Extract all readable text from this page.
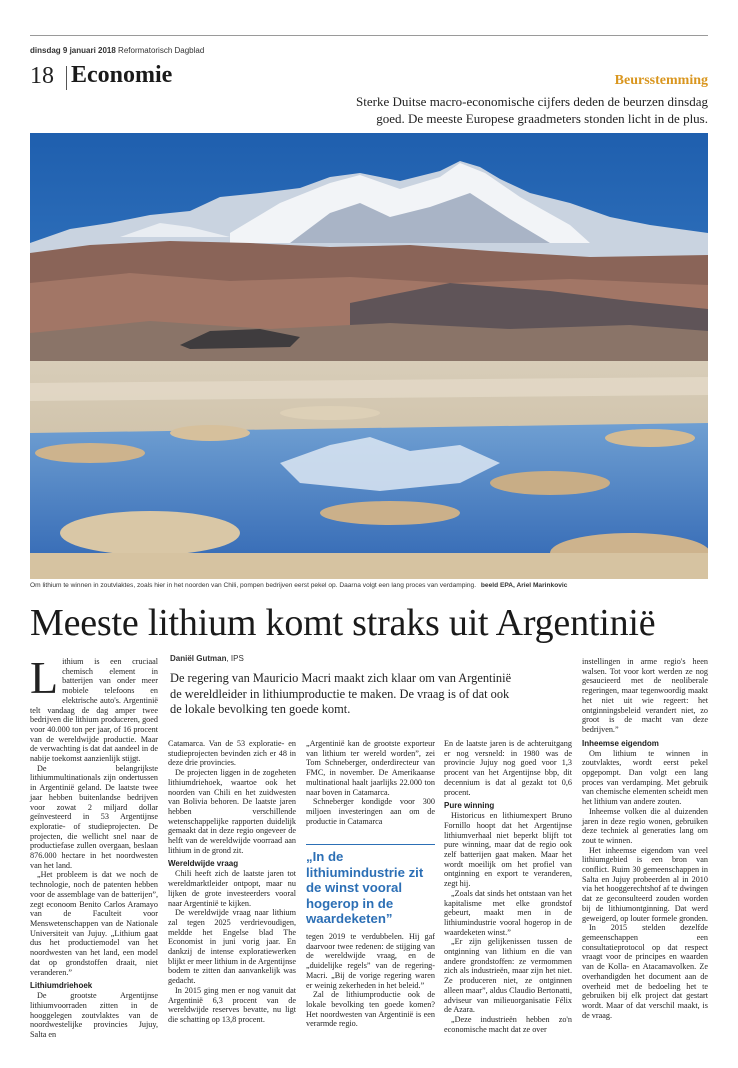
dinsdag 9 januari 2018 Reformatorisch Dagblad
18 Economie	Beursstemming
Sterke Duitse macro-economische cijfers deden de beurzen dinsdag goed. De meeste Europese graadmeters stonden licht in de plus.
Om lithium te winnen in zoutvlaktes, zoals hier in het noorden van Chili, pompen bedrijven eerst pekel op. Daarna volgt een lang proces van verdamping. beeld EPA, Ariel Marinkovic
Meeste lithium komt straks uit Argentinië
Daniël Gutman, IPS
De regering van Mauricio Macri maakt zich klaar om van Argentinië de wereldleider in lithiumproductie te maken. De vraag is of dat ook de lokale bevolking ten goede komt.

Lithium is een cruciaal chemisch element in batterijen van onder meer mobiele telefoons en elektrische auto's. Argentinië telt vandaag de dag amper twee bedrijven die lithium produceren, goed voor 40.000 ton per jaar, of 16 procent van de wereldwijde productie. Maar de verwachting is dat dat aandeel in de nabije toekomst aanzienlijk stijgt.

De belangrijkste lithiummultinationals zijn ondertussen in Argentinië geland. De laatste twee jaar hebben buitenlandse bedrijven voor zowat 2 miljard dollar geïnvesteerd in 53 Argentijnse exploratie- of studieprojecten. De projecten, die wellicht snel naar de productiefase zullen overgaan, beslaan 876.000 hectare in het noordwesten van het land.

„Het probleem is dat we noch de technologie, noch de patenten hebben voor de assemblage van de batterijen”, zegt econoom Benito Carlos Aramayo van de Faculteit voor Menswetenschappen van de Nationale Universiteit van Jujuy. „Lithium gaat dus het productiemodel van het noordwesten van het land, een model dat op grondstoffen draait, niet veranderen.”

Lithiumdriehoek

De grootste Argentijnse lithiumvoorraden zitten in de hooggelegen zoutvlaktes van de noordwestelijke provincies Jujuy, Salta en

Catamarca. Van de 53 exploratie- en studieprojecten bevinden zich er 48 in deze drie provincies.

De projecten liggen in de zogeheten lithiumdriehoek, waartoe ook het noorden van Chili en het zuidwesten van Bolivia behoren. De laatste jaren hebben verschillende wetenschappelijke rapporten duidelijk gemaakt dat in deze regio ongeveer de helft van de wereldwijde voorraad aan lithium in de grond zit.

Wereldwijde vraag

Chili heeft zich de laatste jaren tot wereldmarktleider ontpopt, maar nu lijken de grote investeerders vooral naar Argentinië te kijken.

De wereldwijde vraag naar lithium zal tegen 2025 verdrievoudigen, meldde het Engelse blad The Economist in juni vorig jaar. En dankzij de intense exploratiewerken blijkt er meer lithium in de Argentijnse bodem te zitten dan aanvankelijk was gedacht.

In 2015 ging men er nog vanuit dat Argentinië 6,3 procent van de wereldwijde reserves bevatte, nu ligt die schatting op 13,8 procent.

„Argentinië kan de grootste exporteur van lithium ter wereld worden”, zei Tom Schneberger, onderdirecteur van FMC, in november. De Amerikaanse multinational haalt jaarlijks 22.000 ton naar boven in Catamarca.

Schneberger kondigde voor 300 miljoen investeringen aan om de productie in Catamarca

„In de lithiumindustrie zit de winst vooral hogerop in de waardeketen”

tegen 2019 te verdubbelen. Hij gaf daarvoor twee redenen: de stijging van de wereldwijde vraag, en de „duidelijke regels” van de regering-Macri. „Bij de vorige regering waren er weinig zekerheden in het beleid.”

Zal de lithiumproductie ook de lokale bevolking ten goede komen? Het noordwesten van Argentinië is een verarmde regio.

En de laatste jaren is de achteruitgang er nog versneld: in 1980 was de provincie Jujuy nog goed voor 1,3 procent van het Argentijnse bbp, dit decennium is dat al gezakt tot 0,6 procent.

Pure winning

Historicus en lithiumexpert Bruno Fornillo hoopt dat het Argentijnse lithiumverhaal niet beperkt blijft tot pure winning, maar dat de regio ook zelf batterijen gaat maken. Maar het wordt moeilijk om het profiel van ontginning en export te veranderen, zegt hij.

„Zoals dat sinds het ontstaan van het kapitalisme met elke grondstof gebeurt, maakt men in de lithiumindustrie vooral hogerop in de waardeketen winst.”

„Er zijn gelijkenissen tussen de ontginning van lithium en die van andere grondstoffen: ze vermommen zich als industrieën, maar zijn het niet. Ze produceren niet, ze ontginnen alleen maar”, aldus Claudio Bertonatti, adviseur van milieuorganisatie Félix de Azara.

„Deze industrieën hebben zo'n economische macht dat ze over

instellingen in arme regio's heen walsen. Tot voor kort werden ze nog gesaucieerd met de neoliberale regeringen, maar tegenwoordig maakt het niet uit wie regeert: het ontginningsbeleid verandert niet, zo groot is de macht van deze bedrijven.”

Inheemse eigendom

Om lithium te winnen in zoutvlaktes, wordt eerst pekel opgepompt. Dan volgt een lang proces van verdamping. Met gebruik van chemische elementen scheidt men het lithium van andere zouten.

Inheemse volken die al duizenden jaren in deze regio wonen, gebruiken deze techniek al generaties lang om zout te winnen.

Het inheemse eigendom van veel lithiumgebied is een bron van conflict. Ruim 30 gemeenschappen in Salta en Jujuy probeerden al in 2010 via het hooggerechtshof af te dwingen dat ze geconsulteerd zouden worden bij de lithiumontginning. Dat werd geweigerd, op louter formele gronden.

In 2015 stelden dezelfde gemeenschappen een consultatieprotocol op dat respect vraagt voor de principes en waarden van de Kolla- en Atacamavolken. Ze overhandigden het document aan de overheid met de bedoeling het te gebruiken bij elk project dat gestart wordt. Maar of dat verschil maakt, is de vraag.
